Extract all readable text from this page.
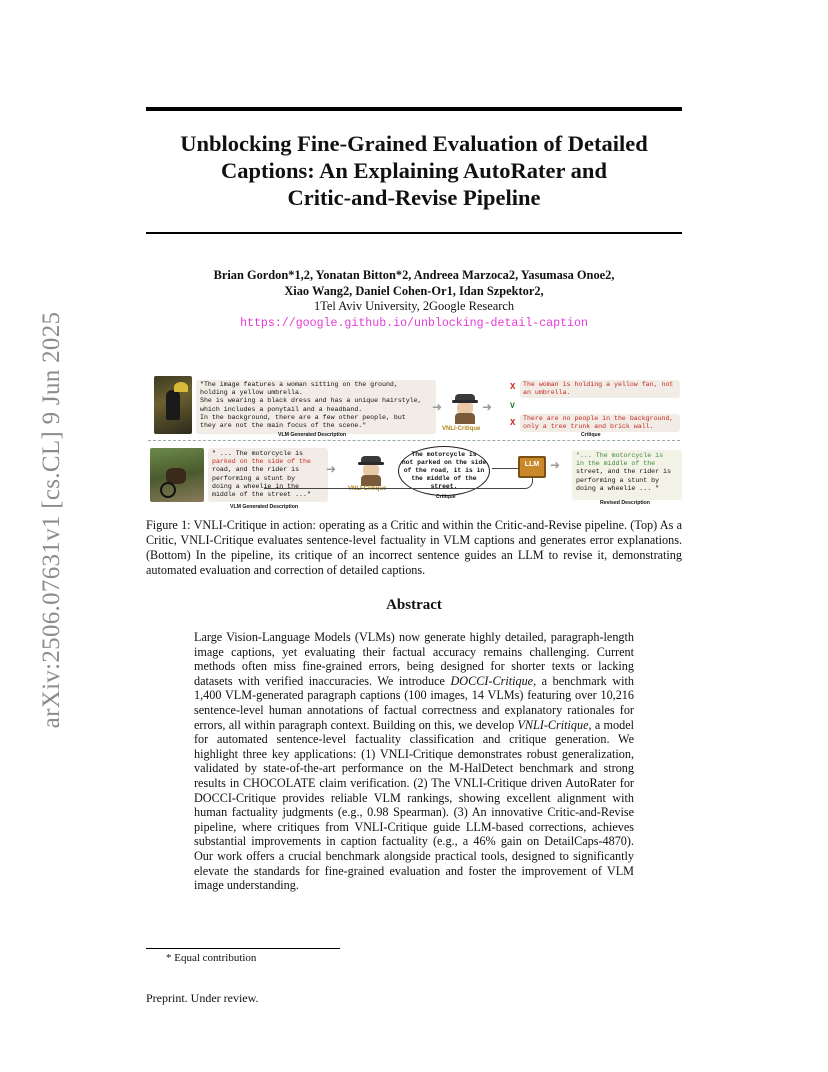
arXiv:2506.07631v1 [cs.CL] 9 Jun 2025
Unblocking Fine-Grained Evaluation of Detailed
Captions: An Explaining AutoRater and
Critic-and-Revise Pipeline
Brian Gordon*1,2, Yonatan Bitton*2, Andreea Marzoca2, Yasumasa Onoe2,
Xiao Wang2, Daniel Cohen-Or1, Idan Szpektor2,
1Tel Aviv University, 2Google Research
https://google.github.io/unblocking-detail-caption
"The image features a woman sitting on the ground,
holding a yellow umbrella.
She is wearing a black dress and has a unique hairstyle,
which includes a ponytail and a headband.
In the background, there are a few other people, but
they are not the main focus of the scene."
VLM Generated Description
➜
VNLI-Critique
➜
X	The woman is holding a yellow fan, not an umbrella.
V
X	There are no people in the background, only a tree trunk and brick wall.
Critique
" ... The motorcycle is
parked on the side of the
road, and the rider is
performing a stunt by
doing a wheelie in the
middle of the street ..."
VLM Generated Description
➜
VNLI-Critique
The motorcycle is
not parked on the side
of the road, it is in
the middle of the
street.
Critique
LLM ➜
"... The motorcycle is
in the middle of the
street, and the rider is
performing a stunt by
doing a wheelie ... "
Revised Description
Figure 1: VNLI-Critique in action: operating as a Critic and within the Critic-and-Revise pipeline. (Top) As a Critic, VNLI-Critique evaluates sentence-level factuality in VLM captions and generates error explanations. (Bottom) In the pipeline, its critique of an incorrect sentence guides an LLM to revise it, demonstrating automated evaluation and correction of detailed captions.
Abstract
Large Vision-Language Models (VLMs) now generate highly detailed, paragraph-length image captions, yet evaluating their factual accuracy remains challenging. Current methods often miss fine-grained errors, being designed for shorter texts or lacking datasets with verified inaccuracies. We introduce DOCCI-Critique, a benchmark with 1,400 VLM-generated paragraph captions (100 images, 14 VLMs) featuring over 10,216 sentence-level human annotations of factual correctness and explanatory rationales for errors, all within paragraph context. Building on this, we develop VNLI-Critique, a model for automated sentence-level factuality classification and critique generation. We highlight three key applications: (1) VNLI-Critique demonstrates robust generalization, validated by state-of-the-art performance on the M-HalDetect benchmark and strong results in CHOCOLATE claim verification. (2) The VNLI-Critique driven AutoRater for DOCCI-Critique provides reliable VLM rankings, showing excellent alignment with human factuality judgments (e.g., 0.98 Spearman). (3) An innovative Critic-and-Revise pipeline, where critiques from VNLI-Critique guide LLM-based corrections, achieves substantial improvements in caption factuality (e.g., a 46% gain on DetailCaps-4870). Our work offers a crucial benchmark alongside practical tools, designed to significantly elevate the standards for fine-grained evaluation and foster the improvement of VLM image understanding.
* Equal contribution
Preprint. Under review.
